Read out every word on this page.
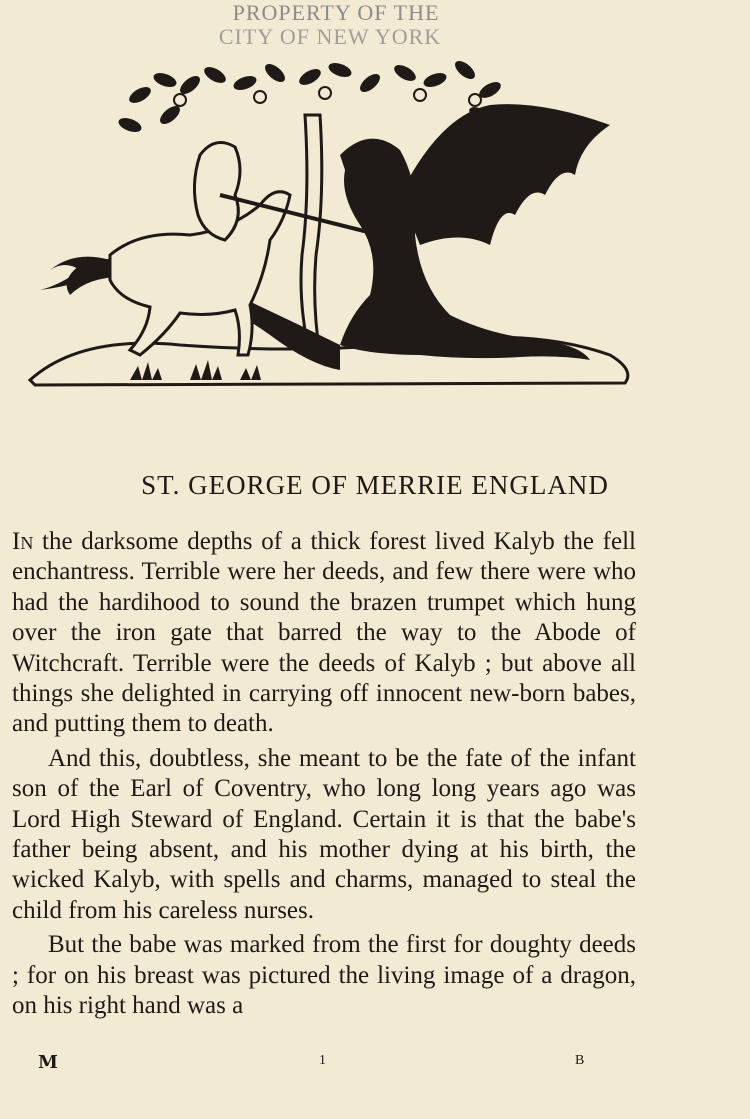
PROPERTY OF THE
CITY OF NEW YORK
ST. GEORGE OF MERRIE ENGLAND

In the darksome depths of a thick forest lived Kalyb the fell enchantress. Terrible were her deeds, and few there were who had the hardihood to sound the brazen trumpet which hung over the iron gate that barred the way to the Abode of Witchcraft. Terrible were the deeds of Kalyb ; but above all things she delighted in carrying off innocent new-born babes, and putting them to death.

And this, doubtless, she meant to be the fate of the infant son of the Earl of Coventry, who long long years ago was Lord High Steward of England. Certain it is that the babe's father being absent, and his mother dying at his birth, the wicked Kalyb, with spells and charms, managed to steal the child from his careless nurses.

But the babe was marked from the first for doughty deeds ; for on his breast was pictured the living image of a dragon, on his right hand was a

M	1	B
